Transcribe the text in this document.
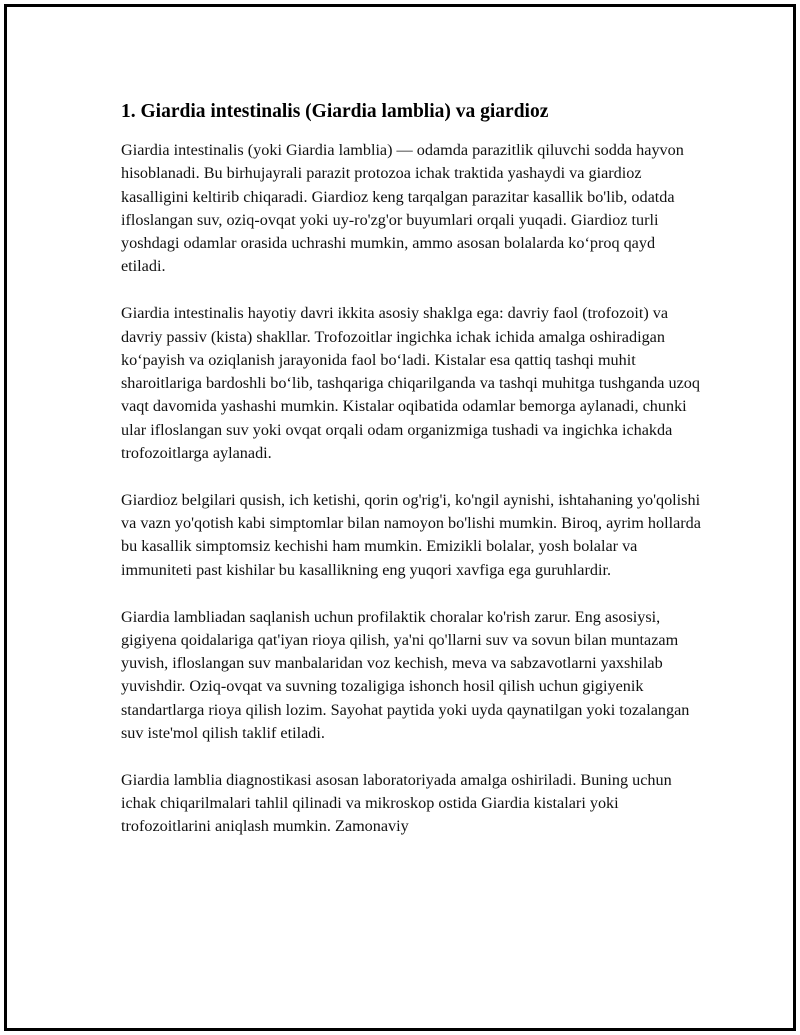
1. Giardia intestinalis (Giardia lamblia) va giardioz

Giardia intestinalis (yoki Giardia lamblia) — odamda parazitlik qiluvchi sodda hayvon hisoblanadi. Bu birhujayrali parazit protozoa ichak traktida yashaydi va giardioz kasalligini keltirib chiqaradi. Giardioz keng tarqalgan parazitar kasallik bo'lib, odatda ifloslangan suv, oziq-ovqat yoki uy-ro'zg'or buyumlari orqali yuqadi. Giardioz turli yoshdagi odamlar orasida uchrashi mumkin, ammo asosan bolalarda ko‘proq qayd etiladi.

Giardia intestinalis hayotiy davri ikkita asosiy shaklga ega: davriy faol (trofozoit) va davriy passiv (kista) shakllar. Trofozoitlar ingichka ichak ichida amalga oshiradigan ko‘payish va oziqlanish jarayonida faol bo‘ladi. Kistalar esa qattiq tashqi muhit sharoitlariga bardoshli bo‘lib, tashqariga chiqarilganda va tashqi muhitga tushganda uzoq vaqt davomida yashashi mumkin. Kistalar oqibatida odamlar bemorga aylanadi, chunki ular ifloslangan suv yoki ovqat orqali odam organizmiga tushadi va ingichka ichakda trofozoitlarga aylanadi.

Giardioz belgilari qusish, ich ketishi, qorin og'rig'i, ko'ngil aynishi, ishtahaning yo'qolishi va vazn yo'qotish kabi simptomlar bilan namoyon bo'lishi mumkin. Biroq, ayrim hollarda bu kasallik simptomsiz kechishi ham mumkin. Emizikli bolalar, yosh bolalar va immuniteti past kishilar bu kasallikning eng yuqori xavfiga ega guruhlardir.

Giardia lambliadan saqlanish uchun profilaktik choralar ko'rish zarur. Eng asosiysi, gigiyena qoidalariga qat'iyan rioya qilish, ya'ni qo'llarni suv va sovun bilan muntazam yuvish, ifloslangan suv manbalaridan voz kechish, meva va sabzavotlarni yaxshilab yuvishdir. Oziq-ovqat va suvning tozaligiga ishonch hosil qilish uchun gigiyenik standartlarga rioya qilish lozim. Sayohat paytida yoki uyda qaynatilgan yoki tozalangan suv iste'mol qilish taklif etiladi.

Giardia lamblia diagnostikasi asosan laboratoriyada amalga oshiriladi. Buning uchun ichak chiqarilmalari tahlil qilinadi va mikroskop ostida Giardia kistalari yoki trofozoitlarini aniqlash mumkin. Zamonaviy
